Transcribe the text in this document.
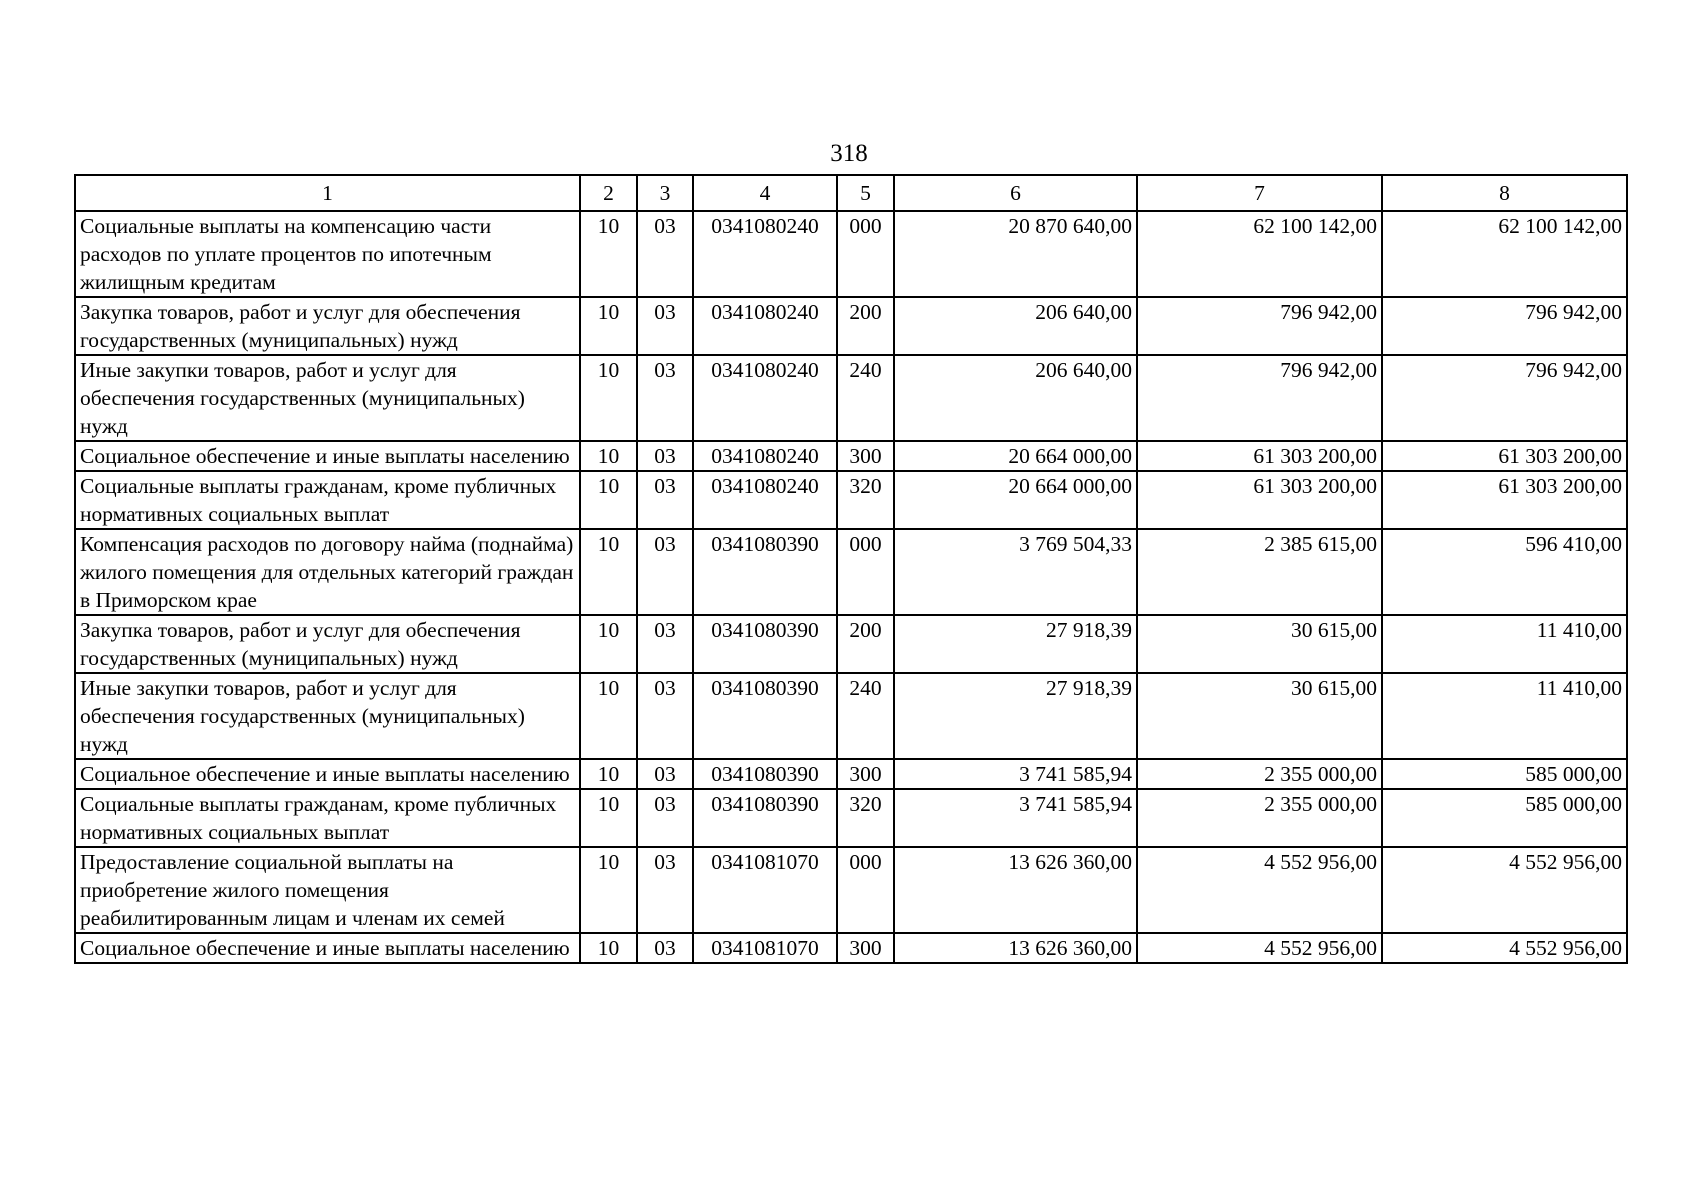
318
1	2	3	4	5	6	7	8
Социальные выплаты на компенсацию части расходов по уплате процентов по ипотечным жилищным кредитам	10	03	0341080240	000	20 870 640,00	62 100 142,00	62 100 142,00
Закупка товаров, работ и услуг для обеспечения государственных (муниципальных) нужд	10	03	0341080240	200	206 640,00	796 942,00	796 942,00
Иные закупки товаров, работ и услуг для обеспечения государственных (муниципальных) нужд	10	03	0341080240	240	206 640,00	796 942,00	796 942,00
Социальное обеспечение и иные выплаты населению	10	03	0341080240	300	20 664 000,00	61 303 200,00	61 303 200,00
Социальные выплаты гражданам, кроме публичных нормативных социальных выплат	10	03	0341080240	320	20 664 000,00	61 303 200,00	61 303 200,00
Компенсация расходов по договору найма (поднайма) жилого помещения для отдельных категорий граждан в Приморском крае	10	03	0341080390	000	3 769 504,33	2 385 615,00	596 410,00
Закупка товаров, работ и услуг для обеспечения государственных (муниципальных) нужд	10	03	0341080390	200	27 918,39	30 615,00	11 410,00
Иные закупки товаров, работ и услуг для обеспечения государственных (муниципальных) нужд	10	03	0341080390	240	27 918,39	30 615,00	11 410,00
Социальное обеспечение и иные выплаты населению	10	03	0341080390	300	3 741 585,94	2 355 000,00	585 000,00
Социальные выплаты гражданам, кроме публичных нормативных социальных выплат	10	03	0341080390	320	3 741 585,94	2 355 000,00	585 000,00
Предоставление социальной выплаты на приобретение жилого помещения реабилитированным лицам и членам их семей	10	03	0341081070	000	13 626 360,00	4 552 956,00	4 552 956,00
Социальное обеспечение и иные выплаты населению	10	03	0341081070	300	13 626 360,00	4 552 956,00	4 552 956,00
